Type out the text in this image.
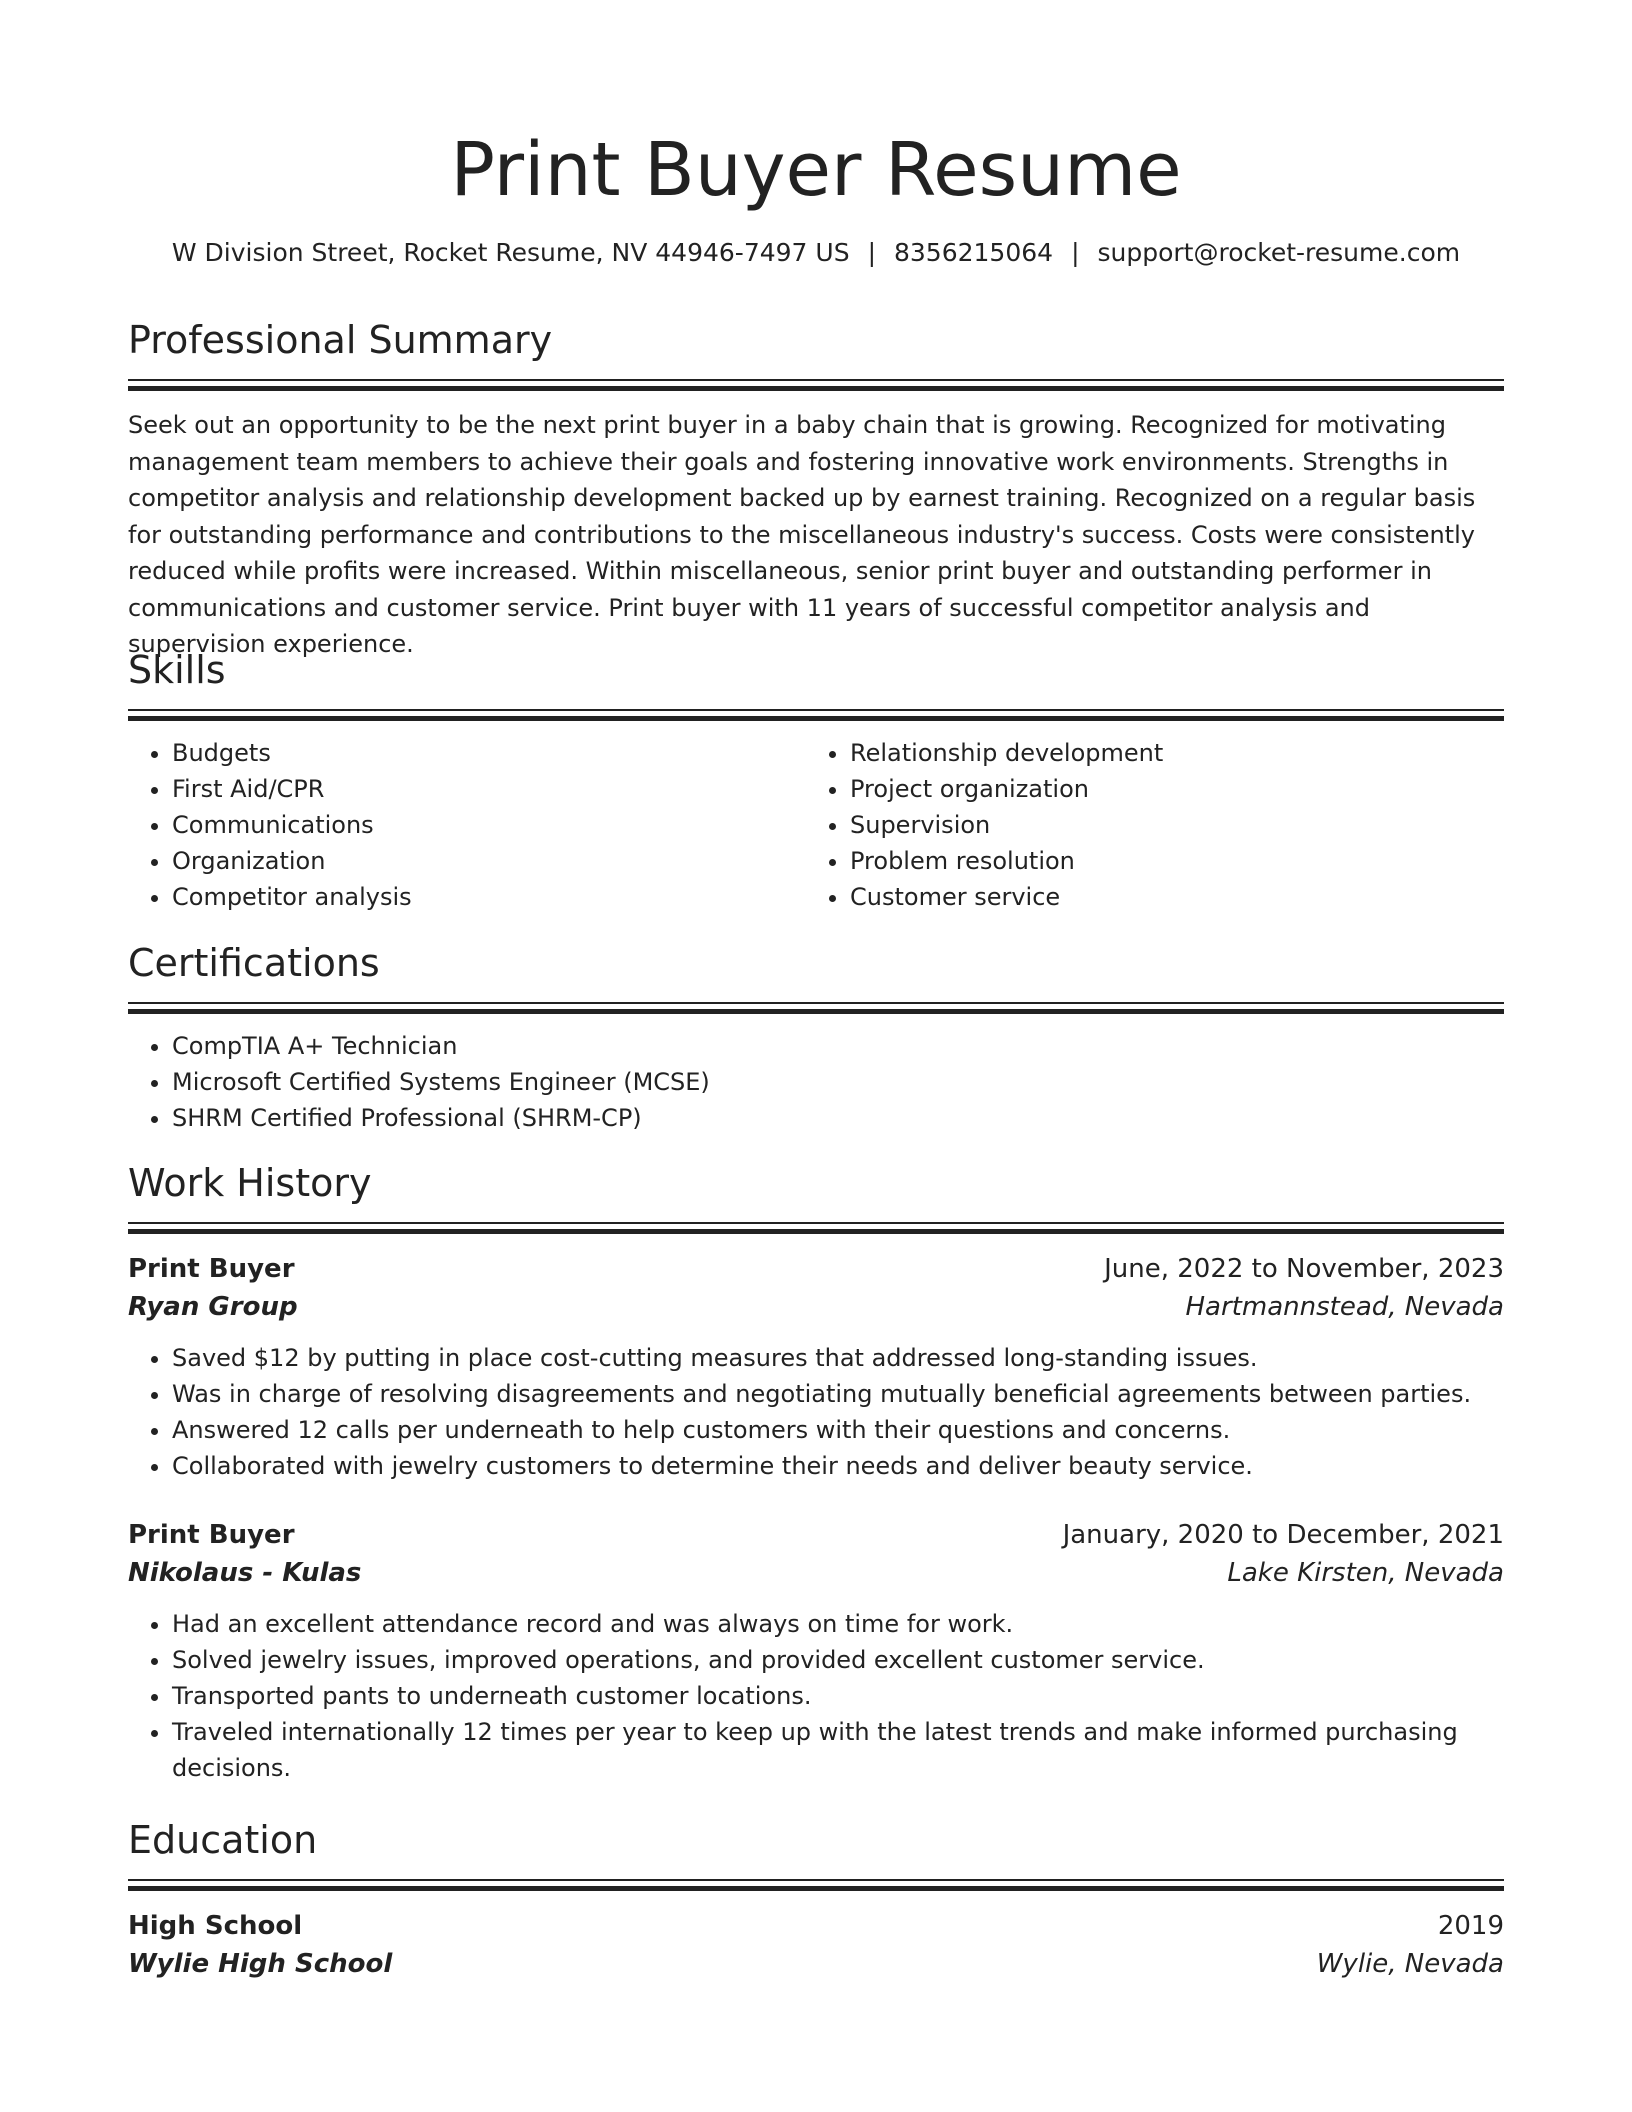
Print Buyer Resume
W Division Street, Rocket Resume, NV 44946-7497 US | 8356215064 | support@rocket-resume.com
Professional Summary
Seek out an opportunity to be the next print buyer in a baby chain that is growing. Recognized for motivating management team members to achieve their goals and fostering innovative work environments. Strengths in competitor analysis and relationship development backed up by earnest training. Recognized on a regular basis for outstanding performance and contributions to the miscellaneous industry's success. Costs were consistently reduced while profits were increased. Within miscellaneous, senior print buyer and outstanding performer in communications and customer service. Print buyer with 11 years of successful competitor analysis and supervision experience.
Skills
• Budgets
• First Aid/CPR
• Communications
• Organization
• Competitor analysis
• Relationship development
• Project organization
• Supervision
• Problem resolution
• Customer service
Certifications
• CompTIA A+ Technician
• Microsoft Certified Systems Engineer (MCSE)
• SHRM Certified Professional (SHRM-CP)
Work History
Print Buyer	June, 2022 to November, 2023
Ryan Group	Hartmannstead, Nevada
• Saved $12 by putting in place cost-cutting measures that addressed long-standing issues.
• Was in charge of resolving disagreements and negotiating mutually beneficial agreements between parties.
• Answered 12 calls per underneath to help customers with their questions and concerns.
• Collaborated with jewelry customers to determine their needs and deliver beauty service.
Print Buyer	January, 2020 to December, 2021
Nikolaus - Kulas	Lake Kirsten, Nevada
• Had an excellent attendance record and was always on time for work.
• Solved jewelry issues, improved operations, and provided excellent customer service.
• Transported pants to underneath customer locations.
• Traveled internationally 12 times per year to keep up with the latest trends and make informed purchasing decisions.
Education
High School	2019
Wylie High School	Wylie, Nevada
